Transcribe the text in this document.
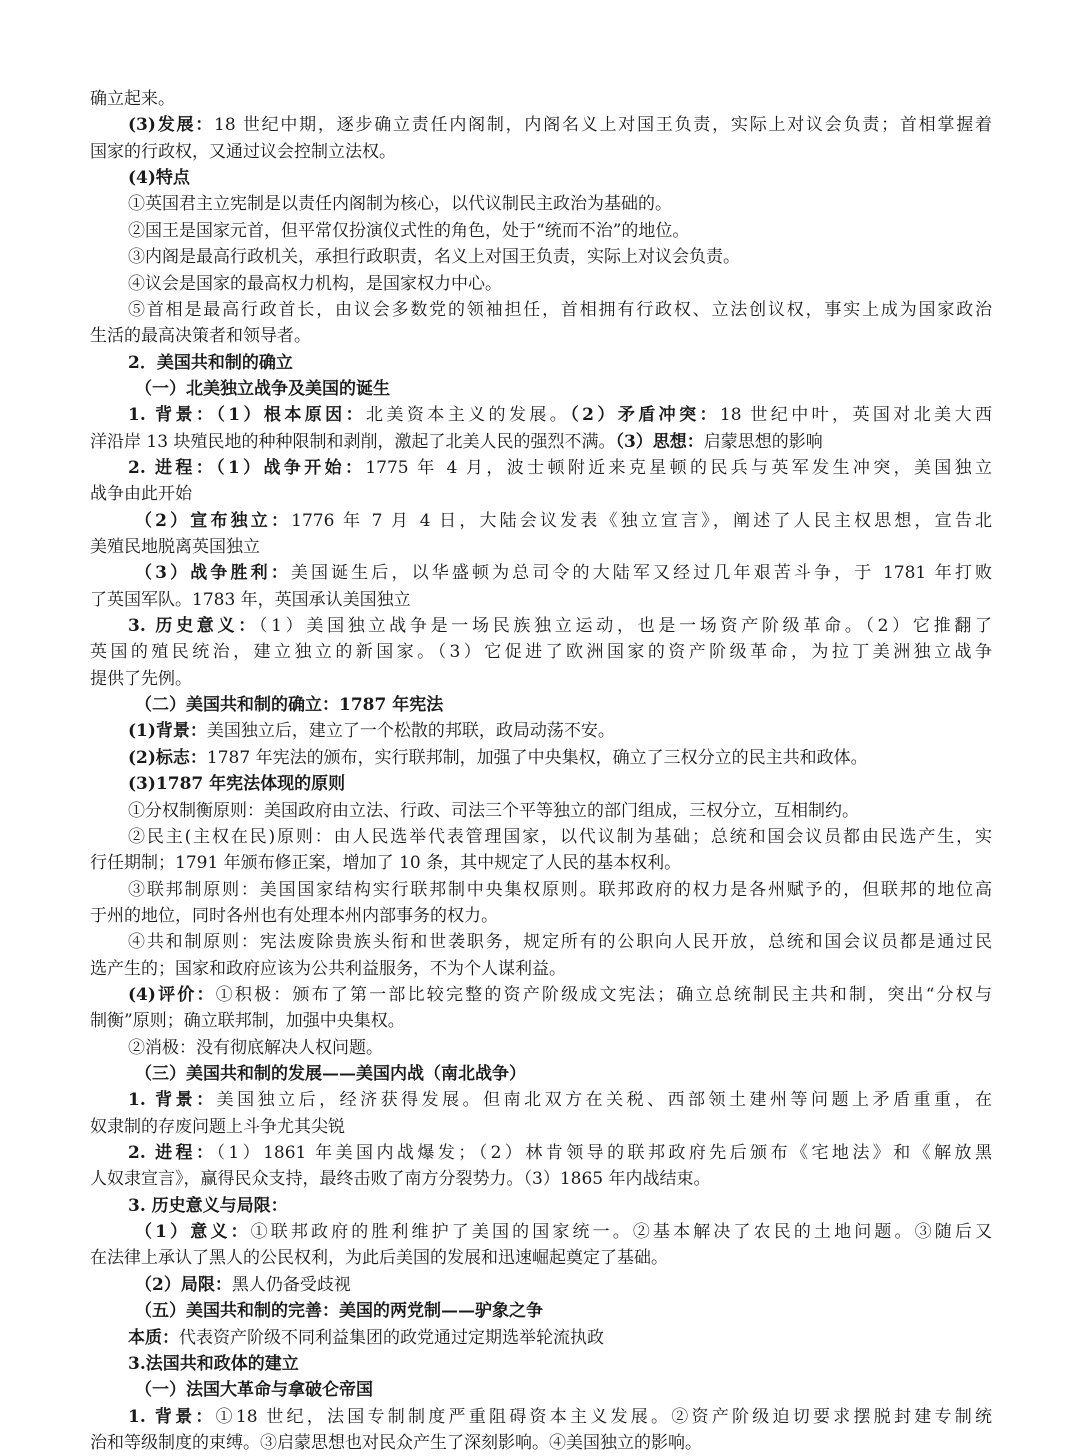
确立起来。
(3)发展：18 世纪中期，逐步确立责任内阁制，内阁名义上对国王负责，实际上对议会负责；首相掌握着
国家的行政权，又通过议会控制立法权。
(4)特点
①英国君主立宪制是以责任内阁制为核心，以代议制民主政治为基础的。
②国王是国家元首，但平常仅扮演仪式性的角色，处于“统而不治”的地位。
③内阁是最高行政机关，承担行政职责，名义上对国王负责，实际上对议会负责。
④议会是国家的最高权力机构，是国家权力中心。
⑤首相是最高行政首长，由议会多数党的领袖担任，首相拥有行政权、立法创议权，事实上成为国家政治
生活的最高决策者和领导者。
2．美国共和制的确立
（一）北美独立战争及美国的诞生
1. 背景：（1）根本原因：北美资本主义的发展。（2）矛盾冲突：18 世纪中叶，英国对北美大西
洋沿岸 13 块殖民地的种种限制和剥削，激起了北美人民的强烈不满。（3）思想：启蒙思想的影响
2. 进程：（1）战争开始：1775 年 4 月，波士顿附近来克星顿的民兵与英军发生冲突，美国独立
战争由此开始
（2）宣布独立：1776 年 7 月 4 日，大陆会议发表《独立宣言》，阐述了人民主权思想，宣告北
美殖民地脱离英国独立
（3）战争胜利：美国诞生后，以华盛顿为总司令的大陆军又经过几年艰苦斗争，于 1781 年打败
了英国军队。1783 年，英国承认美国独立
3. 历史意义：（1）美国独立战争是一场民族独立运动，也是一场资产阶级革命。（2）它推翻了
英国的殖民统治，建立独立的新国家。（3）它促进了欧洲国家的资产阶级革命，为拉丁美洲独立战争
提供了先例。
（二）美国共和制的确立：1787 年宪法
(1)背景：美国独立后，建立了一个松散的邦联，政局动荡不安。
(2)标志：1787 年宪法的颁布，实行联邦制，加强了中央集权，确立了三权分立的民主共和政体。
(3)1787 年宪法体现的原则
①分权制衡原则：美国政府由立法、行政、司法三个平等独立的部门组成，三权分立，互相制约。
②民主(主权在民)原则：由人民选举代表管理国家，以代议制为基础；总统和国会议员都由民选产生，实
行任期制；1791 年颁布修正案，增加了 10 条，其中规定了人民的基本权利。
③联邦制原则：美国国家结构实行联邦制中央集权原则。联邦政府的权力是各州赋予的，但联邦的地位高
于州的地位，同时各州也有处理本州内部事务的权力。
④共和制原则：宪法废除贵族头衔和世袭职务，规定所有的公职向人民开放，总统和国会议员都是通过民
选产生的；国家和政府应该为公共利益服务，不为个人谋利益。
(4)评价：①积极：颁布了第一部比较完整的资产阶级成文宪法；确立总统制民主共和制，突出“分权与
制衡”原则；确立联邦制，加强中央集权。
②消极：没有彻底解决人权问题。
（三）美国共和制的发展——美国内战（南北战争）
1. 背景：美国独立后，经济获得发展。但南北双方在关税、西部领土建州等问题上矛盾重重，在
奴隶制的存废问题上斗争尤其尖锐
2. 进程：（1）1861 年美国内战爆发；（2）林肯领导的联邦政府先后颁布《宅地法》和《解放黑
人奴隶宣言》，赢得民众支持，最终击败了南方分裂势力。（3）1865 年内战结束。
3. 历史意义与局限：
（1）意义：①联邦政府的胜利维护了美国的国家统一。②基本解决了农民的土地问题。③随后又
在法律上承认了黑人的公民权利，为此后美国的发展和迅速崛起奠定了基础。
（2）局限：黑人仍备受歧视
（五）美国共和制的完善：美国的两党制——驴象之争
本质：代表资产阶级不同利益集团的政党通过定期选举轮流执政
3.法国共和政体的建立
（一）法国大革命与拿破仑帝国
1. 背景：①18 世纪，法国专制制度严重阻碍资本主义发展。②资产阶级迫切要求摆脱封建专制统
治和等级制度的束缚。③启蒙思想也对民众产生了深刻影响。④美国独立的影响。
